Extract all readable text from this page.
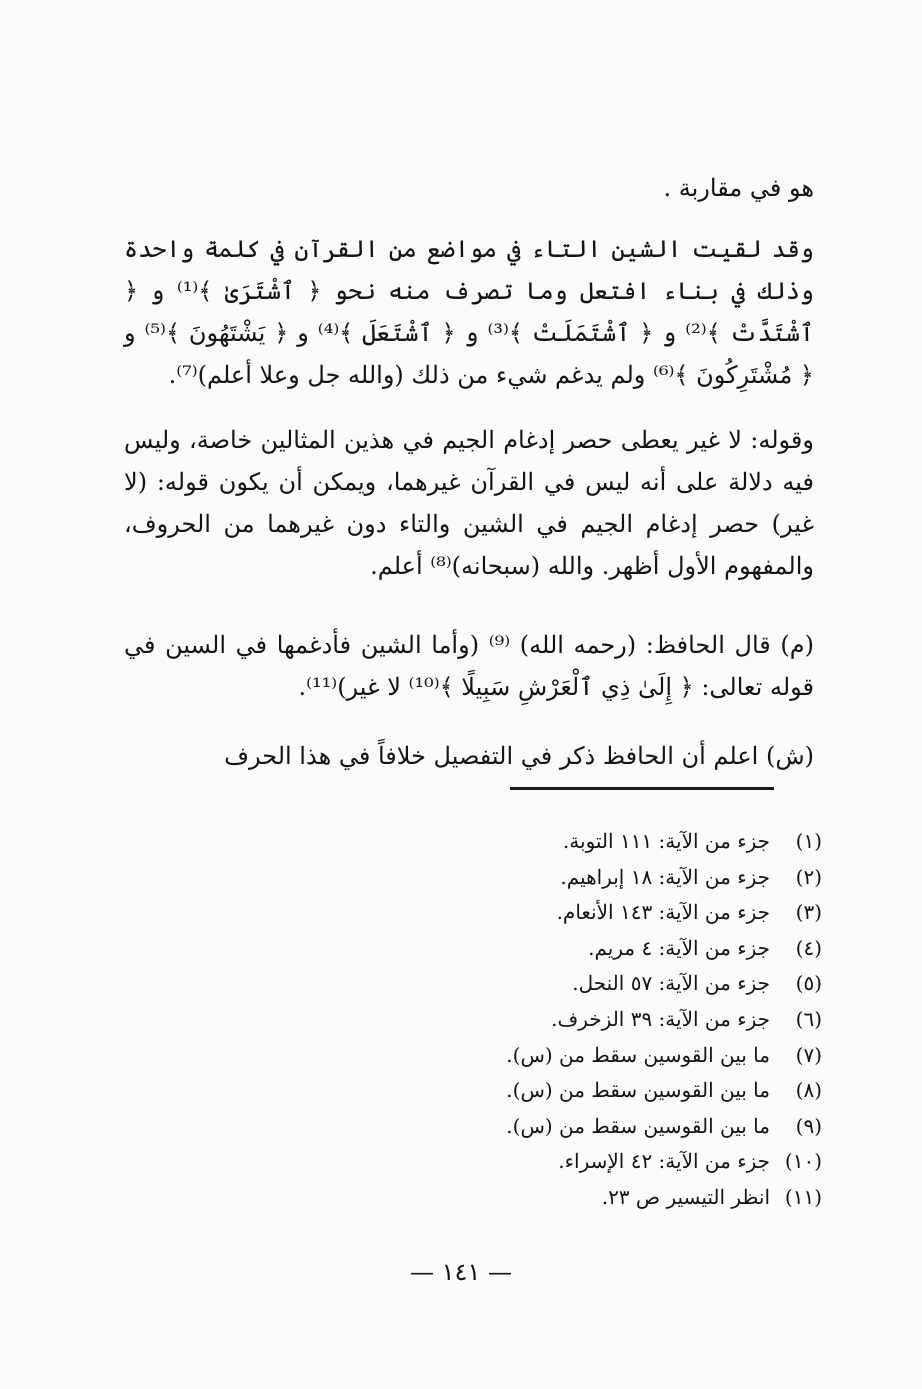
هو في مقاربة .

وقد لقيت الشين التاء في مواضع من القرآن في كلمة واحدة وذلك في بناء افتعل وما تصرف منه نحو ﴿ ٱشْتَرَىٰ ﴾⁽¹⁾ و ﴿ ٱشْتَدَّتْ ﴾⁽²⁾ و ﴿ ٱشْتَمَلَتْ ﴾⁽³⁾ و ﴿ ٱشْتَعَلَ ﴾⁽⁴⁾ و ﴿ يَشْتَهُونَ ﴾⁽⁵⁾ و ﴿ مُشْتَرِكُونَ ﴾⁽⁶⁾ ولم يدغم شيء من ذلك (والله جل وعلا أعلم)⁽⁷⁾.

وقوله: لا غير يعطى حصر إدغام الجيم في هذين المثالين خاصة، وليس فيه دلالة على أنه ليس في القرآن غيرهما، ويمكن أن يكون قوله: (لا غير) حصر إدغام الجيم في الشين والتاء دون غيرهما من الحروف، والمفهوم الأول أظهر. والله (سبحانه)⁽⁸⁾ أعلم.

(م) قال الحافظ: (رحمه الله) ⁽⁹⁾ (وأما الشين فأدغمها في السين في قوله تعالى: ﴿ إِلَىٰ ذِي ٱلْعَرْشِ سَبِيلًا ﴾⁽¹⁰⁾ لا غير)⁽¹¹⁾.

(ش) اعلم أن الحافظ ذكر في التفصيل خلافاً في هذا الحرف

(١)
جزء من الآية: ١١١ التوبة.
(٢)
جزء من الآية: ١٨ إبراهيم.
(٣)
جزء من الآية: ١٤٣ الأنعام.
(٤)
جزء من الآية: ٤ مريم.
(٥)
جزء من الآية: ٥٧ النحل.
(٦)
جزء من الآية: ٣٩ الزخرف.
(٧)
ما بين القوسين سقط من (س).
(٨)
ما بين القوسين سقط من (س).
(٩)
ما بين القوسين سقط من (س).
(١٠)
جزء من الآية: ٤٢ الإسراء.
(١١)
انظر التيسير ص ٢٣.
— ١٤١ —
